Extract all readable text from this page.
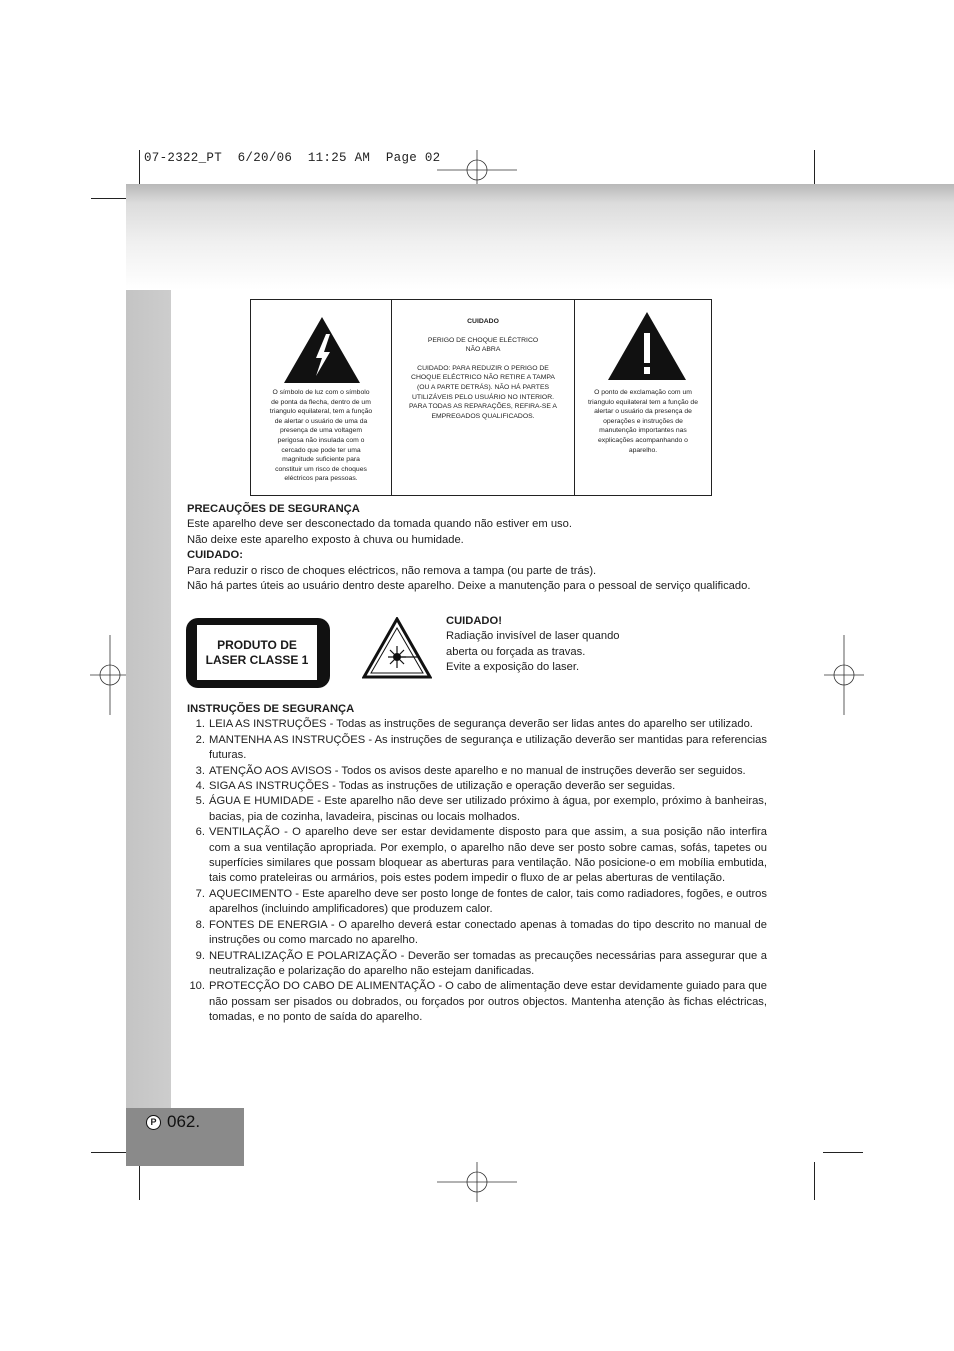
07-2322_PT  6/20/06  11:25 AM  Page 02
O símbolo de luz com o símbolo
de ponta da flecha, dentro de um
triangulo equilateral, tem a função
de alertar o usuário de uma da
presença de uma voltagem
perigosa não insulada com o
cercado que pode ter uma
magnitude suficiente para
constituir um risco de choques
eléctricos para pessoas.
CUIDADO
PERIGO DE CHOQUE ELÉCTRICO
NÃO ABRA
CUIDADO: PARA REDUZIR O PERIGO DE
CHOQUE ELÉCTRICO NÃO RETIRE A TAMPA
(OU A PARTE DETRÁS). NÃO HÁ PARTES
UTILIZÁVEIS PELO USUÁRIO NO INTERIOR.
PARA TODAS AS REPARAÇÕES, REFIRA-SE A
EMPREGADOS QUALIFICADOS.
O ponto de exclamação com um
triangulo equilateral tem a função de
alertar o usuário da presença de
operações e instruções de
manutenção importantes nas
explicações acompanhando o
aparelho.
PRECAUÇÕES DE SEGURANÇA
Este aparelho deve ser desconectado da tomada quando não estiver em uso.
Não deixe este aparelho exposto à chuva ou humidade.
CUIDADO:
Para reduzir o risco de choques eléctricos, não remova a tampa (ou parte de trás).
Não há partes úteis ao usuário dentro deste aparelho. Deixe a manutenção para o pessoal de serviço qualificado.
PRODUTO DE
LASER CLASSE 1
CUIDADO!
Radiação invisível de laser quando
aberta ou forçada as travas.
Evite a exposição do laser.
INSTRUÇÕES DE SEGURANÇA
1. LEIA AS INSTRUÇÕES - Todas as instruções de segurança deverão ser lidas antes do aparelho ser utilizado.
2. MANTENHA AS INSTRUÇÕES - As instruções de segurança e utilização deverão ser mantidas para referencias futuras.
3. ATENÇÃO AOS AVISOS - Todos os avisos deste aparelho e no manual de instruções deverão ser seguidos.
4. SIGA AS INSTRUÇÕES - Todas as instruções de utilização e operação deverão ser seguidas.
5. ÁGUA E HUMIDADE - Este aparelho não deve ser utilizado próximo à água, por exemplo, próximo à banheiras, bacias, pia de cozinha, lavadeira, piscinas ou locais molhados.
6. VENTILAÇÃO - O aparelho deve ser estar devidamente disposto para que assim, a sua posição não interfira com a sua ventilação apropriada. Por exemplo, o aparelho não deve ser posto sobre camas, sofás, tapetes ou superfícies similares que possam bloquear as aberturas para ventilação. Não posicione-o em mobília embutida, tais como prateleiras ou armários, pois estes podem impedir o fluxo de ar pelas aberturas de ventilação.
7. AQUECIMENTO - Este aparelho deve ser posto longe de fontes de calor, tais como radiadores, fogões, e outros aparelhos (incluindo amplificadores) que produzem calor.
8. FONTES DE ENERGIA - O aparelho deverá estar conectado apenas à tomadas do tipo descrito no manual de instruções ou como marcado no aparelho.
9. NEUTRALIZAÇÃO E POLARIZAÇÃO - Deverão ser tomadas as precauções necessárias para assegurar que a neutralização e polarização do aparelho não estejam danificadas.
10. PROTECÇÃO DO CABO DE ALIMENTAÇÃO - O cabo de alimentação deve estar devidamente guiado para que não possam ser pisados ou dobrados, ou forçados por outros objectos. Mantenha atenção às fichas eléctricas, tomadas, e no ponto de saída do aparelho.
P 062.
